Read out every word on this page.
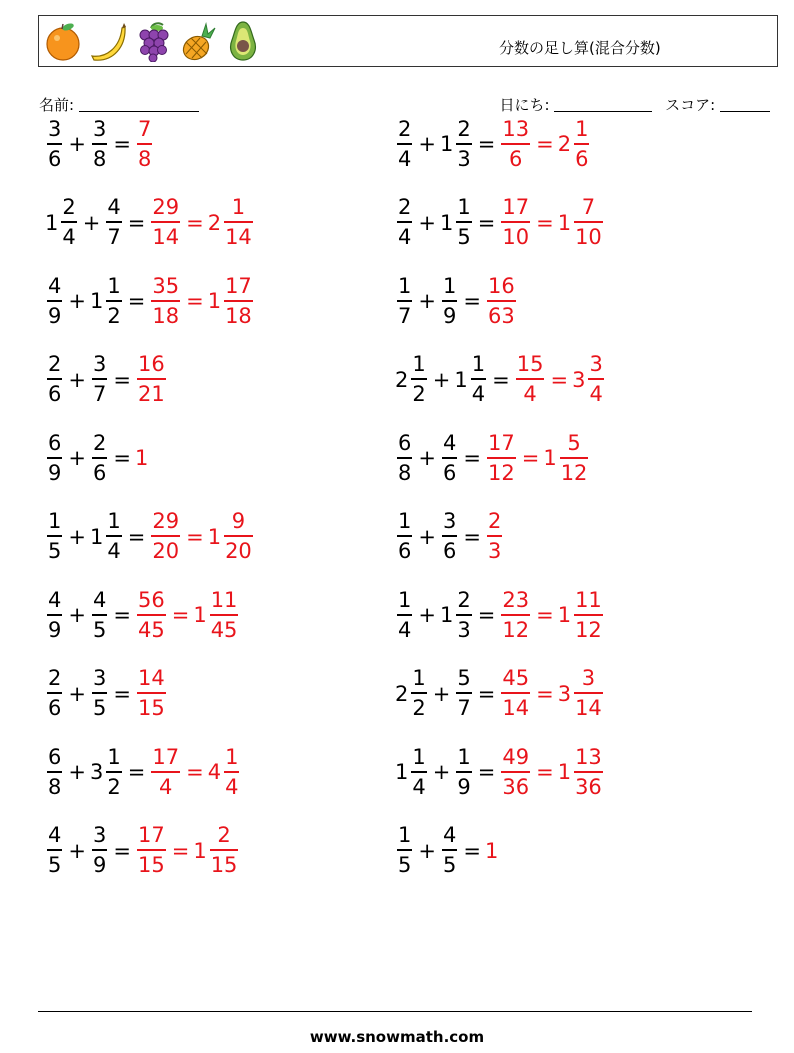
分数の足し算(混合分数)
名前:	日にち:	スコア:
$\frac{3}{6} + \frac{3}{8} = \frac{7}{8}$	$\frac{2}{4} + 1 \frac{2}{3} = \frac{13}{6} = 2 \frac{1}{6}$
$1 \frac{2}{4} + \frac{4}{7} = \frac{29}{14} = 2 \frac{1}{14}$	$\frac{2}{4} + 1 \frac{1}{5} = \frac{17}{10} = 1 \frac{7}{10}$
$\frac{4}{9} + 1 \frac{1}{2} = \frac{35}{18} = 1 \frac{17}{18}$	$\frac{1}{7} + \frac{1}{9} = \frac{16}{63}$
$\frac{2}{6} + \frac{3}{7} = \frac{16}{21}$	$2 \frac{1}{2} + 1 \frac{1}{4} = \frac{15}{4} = 3 \frac{3}{4}$
$\frac{6}{9} + \frac{2}{6} = 1$	$\frac{6}{8} + \frac{4}{6} = \frac{17}{12} = 1 \frac{5}{12}$
$\frac{1}{5} + 1 \frac{1}{4} = \frac{29}{20} = 1 \frac{9}{20}$	$\frac{1}{6} + \frac{3}{6} = \frac{2}{3}$
$\frac{4}{9} + \frac{4}{5} = \frac{56}{45} = 1 \frac{11}{45}$	$\frac{1}{4} + 1 \frac{2}{3} = \frac{23}{12} = 1 \frac{11}{12}$
$\frac{2}{6} + \frac{3}{5} = \frac{14}{15}$	$2 \frac{1}{2} + \frac{5}{7} = \frac{45}{14} = 3 \frac{3}{14}$
$\frac{6}{8} + 3 \frac{1}{2} = \frac{17}{4} = 4 \frac{1}{4}$	$1 \frac{1}{4} + \frac{1}{9} = \frac{49}{36} = 1 \frac{13}{36}$
$\frac{4}{5} + \frac{3}{9} = \frac{17}{15} = 1 \frac{2}{15}$	$\frac{1}{5} + \frac{4}{5} = 1$
www.snowmath.com
